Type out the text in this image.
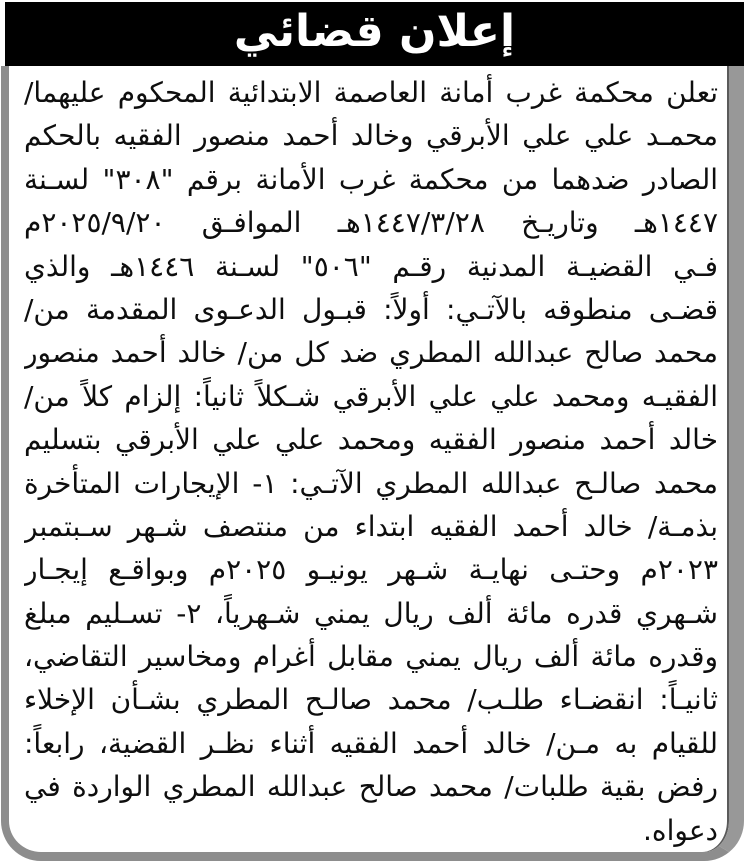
إعلان قضائي
تعلن محكمة غرب أمانة العاصمة الابتدائية المحكوم عليهما/
محمـد علي علي الأبرقي وخالد أحمد منصور الفقيه بالحكم
الصادر ضدهما من محكمة غرب الأمانة برقم "٣٠٨" لسـنة
١٤٤٧هـ وتاريـخ ١٤٤٧/٣/٢٨هـ الموافـق ٢٠٢٥/٩/٢٠م
فـي القضيـة المدنية رقـم "٥٠٦" لسـنة ١٤٤٦هـ والذي
قضـى منطوقه بالآتـي: أولاً: قبـول الدعـوى المقدمة من/
محمد صالح عبدالله المطري ضد كل من/ خالد أحمد منصور
الفقيـه ومحمد علي علي الأبرقي شـكلاً ثانياً: إلزام كلاً من/
خالد أحمد منصور الفقيه ومحمد علي علي الأبرقي بتسليم
محمد صالـح عبدالله المطري الآتـي: ١- الإيجارات المتأخرة
بذمـة/ خالد أحمد الفقيه ابتداء من منتصف شـهر سـبتمبر
٢٠٢٣م وحتـى نهايـة شـهر يونيـو ٢٠٢٥م وبواقـع إيجـار
شـهري قدره مائة ألف ريال يمني شـهرياً، ٢- تسـليم مبلغ
وقدره مائة ألف ريال يمني مقابل أغرام ومخاسير التقاضي،
ثانيـاً: انقضـاء طلـب/ محمد صالـح المطري بشـأن الإخلاء
للقيام به مـن/ خالد أحمد الفقيه أثناء نظـر القضية، رابعاً:
رفض بقية طلبات/ محمد صالح عبدالله المطري الواردة في
دعواه.
